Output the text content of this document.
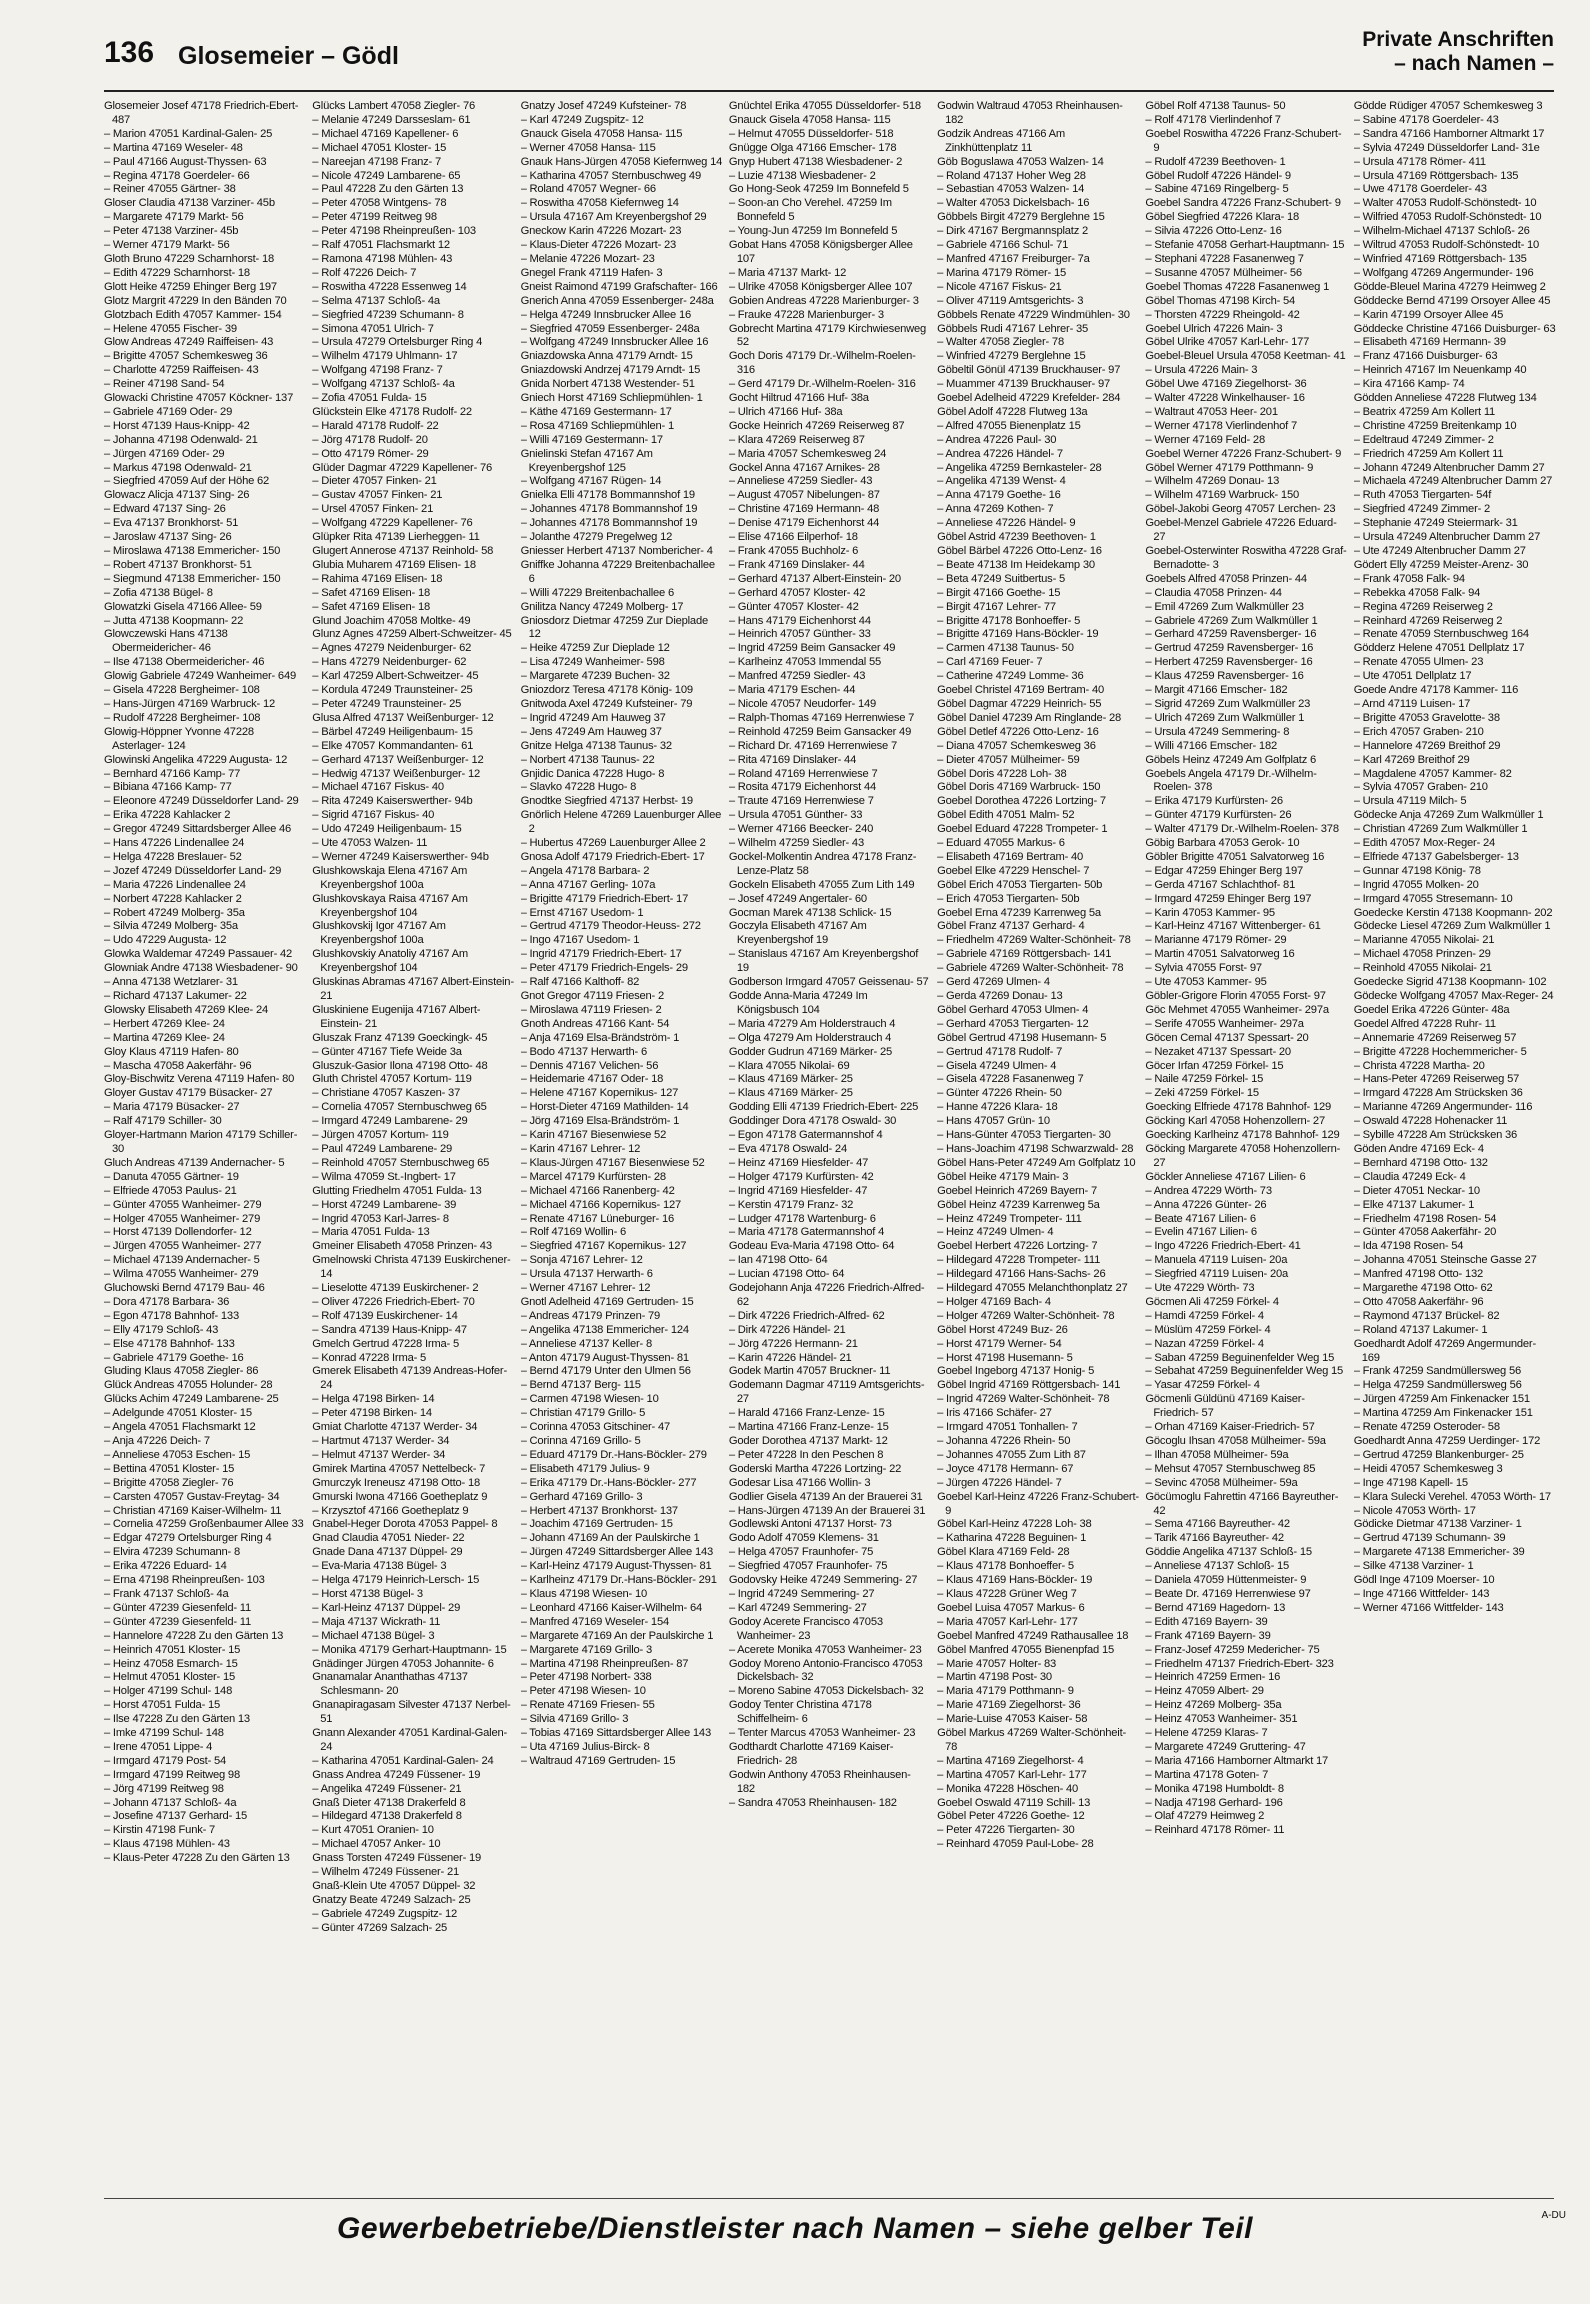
136 Glosemeier – Gödl
Private Anschriften
– nach Namen –

Glosemeier Josef 47178 Friedrich-Ebert- 487

– Marion 47051 Kardinal-Galen- 25

– Martina 47169 Weseler- 48

– Paul 47166 August-Thyssen- 63

– Regina 47178 Goerdeler- 66

– Reiner 47055 Gärtner- 38

Gloser Claudia 47138 Varziner- 45b

– Margarete 47179 Markt- 56

– Peter 47138 Varziner- 45b

– Werner 47179 Markt- 56

Gloth Bruno 47229 Scharnhorst- 18

– Edith 47229 Scharnhorst- 18

Glott Heike 47259 Ehinger Berg 197

Glotz Margrit 47229 In den Bänden 70

Glotzbach Edith 47057 Kammer- 154

– Helene 47055 Fischer- 39

Glow Andreas 47249 Raiffeisen- 43

– Brigitte 47057 Schemkesweg 36

– Charlotte 47259 Raiffeisen- 43

– Reiner 47198 Sand- 54

Glowacki Christine 47057 Köckner- 137

– Gabriele 47169 Oder- 29

– Horst 47139 Haus-Knipp- 42

– Johanna 47198 Odenwald- 21

– Jürgen 47169 Oder- 29

– Markus 47198 Odenwald- 21

– Siegfried 47059 Auf der Höhe 62

Glowacz Alicja 47137 Sing- 26

– Edward 47137 Sing- 26

– Eva 47137 Bronkhorst- 51

– Jaroslaw 47137 Sing- 26

– Miroslawa 47138 Emmericher- 150

– Robert 47137 Bronkhorst- 51

– Siegmund 47138 Emmericher- 150

– Zofia 47138 Bügel- 8

Glowatzki Gisela 47166 Allee- 59

– Jutta 47138 Koopmann- 22

Glowczewski Hans 47138 Obermeidericher- 46

– Ilse 47138 Obermeidericher- 46

Glowig Gabriele 47249 Wanheimer- 649

– Gisela 47228 Bergheimer- 108

– Hans-Jürgen 47169 Warbruck- 12

– Rudolf 47228 Bergheimer- 108

Glowig-Höppner Yvonne 47228 Asterlager- 124

Glowinski Angelika 47229 Augusta- 12

– Bernhard 47166 Kamp- 77

– Bibiana 47166 Kamp- 77

– Eleonore 47249 Düsseldorfer Land- 29

– Erika 47228 Kahlacker 2

– Gregor 47249 Sittardsberger Allee 46

– Hans 47226 Lindenallee 24

– Helga 47228 Breslauer- 52

– Jozef 47249 Düsseldorfer Land- 29

– Maria 47226 Lindenallee 24

– Norbert 47228 Kahlacker 2

– Robert 47249 Molberg- 35a

– Silvia 47249 Molberg- 35a

– Udo 47229 Augusta- 12

Glowka Waldemar 47249 Passauer- 42

Glowniak Andre 47138 Wiesbadener- 90

– Anna 47138 Wetzlarer- 31

– Richard 47137 Lakumer- 22

Glowsky Elisabeth 47269 Klee- 24

– Herbert 47269 Klee- 24

– Martina 47269 Klee- 24

Gloy Klaus 47119 Hafen- 80

– Mascha 47058 Aakerfähr- 96

Gloy-Bischwitz Verena 47119 Hafen- 80

Gloyer Gustav 47179 Büsacker- 27

– Maria 47179 Büsacker- 27

– Ralf 47179 Schiller- 30

Gloyer-Hartmann Marion 47179 Schiller- 30

Gluch Andreas 47139 Andernacher- 5

– Danuta 47055 Gärtner- 19

– Elfriede 47053 Paulus- 21

– Günter 47055 Wanheimer- 279

– Holger 47055 Wanheimer- 279

– Horst 47139 Dollendorfer- 12

– Jürgen 47055 Wanheimer- 277

– Michael 47139 Andernacher- 5

– Wilma 47055 Wanheimer- 279

Gluchowski Bernd 47179 Bau- 46

– Dora 47178 Barbara- 36

– Egon 47178 Bahnhof- 133

– Elly 47179 Schloß- 43

– Else 47178 Bahnhof- 133

– Gabriele 47179 Goethe- 16

Gluding Klaus 47058 Ziegler- 86

Glück Andreas 47055 Holunder- 28

Glücks Achim 47249 Lambarene- 25

– Adelgunde 47051 Kloster- 15

– Angela 47051 Flachsmarkt 12

– Anja 47226 Deich- 7

– Anneliese 47053 Eschen- 15

– Bettina 47051 Kloster- 15

– Brigitte 47058 Ziegler- 76

– Carsten 47057 Gustav-Freytag- 34

– Christian 47169 Kaiser-Wilhelm- 11

– Cornelia 47259 Großenbaumer Allee 33

– Edgar 47279 Ortelsburger Ring 4

– Elvira 47239 Schumann- 8

– Erika 47226 Eduard- 14

– Erna 47198 Rheinpreußen- 103

– Frank 47137 Schloß- 4a

– Günter 47239 Giesenfeld- 11

– Günter 47239 Giesenfeld- 11

– Hannelore 47228 Zu den Gärten 13

– Heinrich 47051 Kloster- 15

– Heinz 47058 Esmarch- 15

– Helmut 47051 Kloster- 15

– Holger 47199 Schul- 148

– Horst 47051 Fulda- 15

– Ilse 47228 Zu den Gärten 13

– Imke 47199 Schul- 148

– Irene 47051 Lippe- 4

– Irmgard 47179 Post- 54

– Irmgard 47199 Reitweg 98

– Jörg 47199 Reitweg 98

– Johann 47137 Schloß- 4a

– Josefine 47137 Gerhard- 15

– Kirstin 47198 Funk- 7

– Klaus 47198 Mühlen- 43

– Klaus-Peter 47228 Zu den Gärten 13

Glücks Lambert 47058 Ziegler- 76

– Melanie 47249 Darsseslam- 61

– Michael 47169 Kapellener- 6

– Michael 47051 Kloster- 15

– Nareejan 47198 Franz- 7

– Nicole 47249 Lambarene- 65

– Paul 47228 Zu den Gärten 13

– Peter 47058 Wintgens- 78

– Peter 47199 Reitweg 98

– Peter 47198 Rheinpreußen- 103

– Ralf 47051 Flachsmarkt 12

– Ramona 47198 Mühlen- 43

– Rolf 47226 Deich- 7

– Roswitha 47228 Essenweg 14

– Selma 47137 Schloß- 4a

– Siegfried 47239 Schumann- 8

– Simona 47051 Ulrich- 7

– Ursula 47279 Ortelsburger Ring 4

– Wilhelm 47179 Uhlmann- 17

– Wolfgang 47198 Franz- 7

– Wolfgang 47137 Schloß- 4a

– Zofia 47051 Fulda- 15

Glückstein Elke 47178 Rudolf- 22

– Harald 47178 Rudolf- 22

– Jörg 47178 Rudolf- 20

– Otto 47179 Römer- 29

Glüder Dagmar 47229 Kapellener- 76

– Dieter 47057 Finken- 21

– Gustav 47057 Finken- 21

– Ursel 47057 Finken- 21

– Wolfgang 47229 Kapellener- 76

Glüpker Rita 47139 Lierheggen- 11

Glugert Annerose 47137 Reinhold- 58

Glubia Muharem 47169 Elisen- 18

– Rahima 47169 Elisen- 18

– Safet 47169 Elisen- 18

– Safet 47169 Elisen- 18

Glund Joachim 47058 Moltke- 49

Glunz Agnes 47259 Albert-Schweitzer- 45

– Agnes 47279 Neidenburger- 62

– Hans 47279 Neidenburger- 62

– Karl 47259 Albert-Schweitzer- 45

– Kordula 47249 Traunsteiner- 25

– Peter 47249 Traunsteiner- 25

Glusa Alfred 47137 Weißenburger- 12

– Bärbel 47249 Heiligenbaum- 15

– Elke 47057 Kommandanten- 61

– Gerhard 47137 Weißenburger- 12

– Hedwig 47137 Weißenburger- 12

– Michael 47167 Fiskus- 40

– Rita 47249 Kaiserswerther- 94b

– Sigrid 47167 Fiskus- 40

– Udo 47249 Heiligenbaum- 15

– Ute 47053 Walzen- 11

– Werner 47249 Kaiserswerther- 94b

Glushkowskaja Elena 47167 Am Kreyenbergshof 100a

Glushkovskaya Raisa 47167 Am Kreyenbergshof 104

Glushkovskij Igor 47167 Am Kreyenbergshof 100a

Glushkovskiy Anatoliy 47167 Am Kreyenbergshof 104

Gluskinas Abramas 47167 Albert-Einstein- 21

Gluskiniene Eugenija 47167 Albert-Einstein- 21

Gluszak Franz 47139 Goeckingk- 45

– Günter 47167 Tiefe Weide 3a

Gluszuk-Gasior Ilona 47198 Otto- 48

Gluth Christel 47057 Kortum- 119

– Christiane 47057 Kaszen- 37

– Cornelia 47057 Sternbuschweg 65

– Irmgard 47249 Lambarene- 29

– Jürgen 47057 Kortum- 119

– Paul 47249 Lambarene- 29

– Reinhold 47057 Sternbuschweg 65

– Wilma 47059 St.-Ingbert- 17

Glutting Friedhelm 47051 Fulda- 13

– Horst 47249 Lambarene- 39

– Ingrid 47053 Karl-Jarres- 8

– Maria 47051 Fulda- 13

Gmeiner Elisabeth 47058 Prinzen- 43

Gmelnowski Christa 47139 Euskirchener- 14

– Lieselotte 47139 Euskirchener- 2

– Oliver 47226 Friedrich-Ebert- 70

– Rolf 47139 Euskirchener- 14

– Sandra 47139 Haus-Knipp- 47

Gmelch Gertrud 47228 Irma- 5

– Konrad 47228 Irma- 5

Gmerek Elisabeth 47139 Andreas-Hofer- 24

– Helga 47198 Birken- 14

– Peter 47198 Birken- 14

Gmiat Charlotte 47137 Werder- 34

– Hartmut 47137 Werder- 34

– Helmut 47137 Werder- 34

Gmirek Martina 47057 Nettelbeck- 7

Gmurczyk Ireneusz 47198 Otto- 18

Gmurski Iwona 47166 Goetheplatz 9

– Krzysztof 47166 Goetheplatz 9

Gnabel-Heger Dorota 47053 Pappel- 8

Gnad Claudia 47051 Nieder- 22

Gnade Dana 47137 Düppel- 29

– Eva-Maria 47138 Bügel- 3

– Helga 47179 Heinrich-Lersch- 15

– Horst 47138 Bügel- 3

– Karl-Heinz 47137 Düppel- 29

– Maja 47137 Wickrath- 11

– Michael 47138 Bügel- 3

– Monika 47179 Gerhart-Hauptmann- 15

Gnädinger Jürgen 47053 Johannite- 6

Gnanamalar Ananthathas 47137 Schlesmann- 20

Gnanapiragasam Silvester 47137 Nerbel- 51

Gnann Alexander 47051 Kardinal-Galen- 24

– Katharina 47051 Kardinal-Galen- 24

Gnass Andrea 47249 Füssener- 19

– Angelika 47249 Füssener- 21

Gnaß Dieter 47138 Drakerfeld 8

– Hildegard 47138 Drakerfeld 8

– Kurt 47051 Oranien- 10

– Michael 47057 Anker- 10

Gnass Torsten 47249 Füssener- 19

– Wilhelm 47249 Füssener- 21

Gnaß-Klein Ute 47057 Düppel- 32

Gnatzy Beate 47249 Salzach- 25

– Gabriele 47249 Zugspitz- 12

– Günter 47269 Salzach- 25

Gnatzy Josef 47249 Kufsteiner- 78

– Karl 47249 Zugspitz- 12

Gnauck Gisela 47058 Hansa- 115

– Werner 47058 Hansa- 115

Gnauk Hans-Jürgen 47058 Kiefernweg 14

– Katharina 47057 Sternbuschweg 49

– Roland 47057 Wegner- 66

– Roswitha 47058 Kiefernweg 14

– Ursula 47167 Am Kreyenbergshof 29

Gneckow Karin 47226 Mozart- 23

– Klaus-Dieter 47226 Mozart- 23

– Melanie 47226 Mozart- 23

Gnegel Frank 47119 Hafen- 3

Gneist Raimond 47199 Grafschafter- 166

Gnerich Anna 47059 Essenberger- 248a

– Helga 47249 Innsbrucker Allee 16

– Siegfried 47059 Essenberger- 248a

– Wolfgang 47249 Innsbrucker Allee 16

Gniazdowska Anna 47179 Arndt- 15

Gniazdowski Andrzej 47179 Arndt- 15

Gnida Norbert 47138 Westender- 51

Gniech Horst 47169 Schliepmühlen- 1

– Käthe 47169 Gestermann- 17

– Rosa 47169 Schliepmühlen- 1

– Willi 47169 Gestermann- 17

Gnielinski Stefan 47167 Am Kreyenbergshof 125

– Wolfgang 47167 Rügen- 14

Gnielka Elli 47178 Bommannshof 19

– Johannes 47178 Bommannshof 19

– Johannes 47178 Bommannshof 19

– Jolanthe 47279 Pregelweg 12

Gniesser Herbert 47137 Nombericher- 4

Gniffke Johanna 47229 Breitenbachallee 6

– Willi 47229 Breitenbachallee 6

Gnilitza Nancy 47249 Molberg- 17

Gniosdorz Dietmar 47259 Zur Dieplade 12

– Heike 47259 Zur Dieplade 12

– Lisa 47249 Wanheimer- 598

– Margarete 47239 Buchen- 32

Gniozdorz Teresa 47178 König- 109

Gnitwoda Axel 47249 Kufsteiner- 79

– Ingrid 47249 Am Hauweg 37

– Jens 47249 Am Hauweg 37

Gnitze Helga 47138 Taunus- 32

– Norbert 47138 Taunus- 22

Gnjidic Danica 47228 Hugo- 8

– Slavko 47228 Hugo- 8

Gnodtke Siegfried 47137 Herbst- 19

Gnörlich Helene 47269 Lauenburger Allee 2

– Hubertus 47269 Lauenburger Allee 2

Gnosa Adolf 47179 Friedrich-Ebert- 17

– Angela 47178 Barbara- 2

– Anna 47167 Gerling- 107a

– Brigitte 47179 Friedrich-Ebert- 17

– Ernst 47167 Usedom- 1

– Gertrud 47179 Theodor-Heuss- 272

– Ingo 47167 Usedom- 1

– Ingrid 47179 Friedrich-Ebert- 17

– Peter 47179 Friedrich-Engels- 29

– Ralf 47166 Kalthoff- 82

Gnot Gregor 47119 Friesen- 2

– Miroslawa 47119 Friesen- 2

Gnoth Andreas 47166 Kant- 54

– Anja 47169 Elsa-Brändström- 1

– Bodo 47137 Herwarth- 6

– Dennis 47167 Velichen- 56

– Heidemarie 47167 Oder- 18

– Helene 47167 Kopernikus- 127

– Horst-Dieter 47169 Mathilden- 14

– Jörg 47169 Elsa-Brändström- 1

– Karin 47167 Biesenwiese 52

– Karin 47167 Lehrer- 12

– Klaus-Jürgen 47167 Biesenwiese 52

– Marcel 47179 Kurfürsten- 28

– Michael 47166 Ranenberg- 42

– Michael 47166 Kopernikus- 127

– Renate 47167 Lüneburger- 16

– Rolf 47169 Wollin- 6

– Siegfried 47167 Kopernikus- 127

– Sonja 47167 Lehrer- 12

– Ursula 47137 Herwarth- 6

– Werner 47167 Lehrer- 12

Gnotl Adelheid 47169 Gertruden- 15

– Andreas 47179 Prinzen- 79

– Angelika 47138 Emmericher- 124

– Anneliese 47137 Keller- 8

– Anton 47179 August-Thyssen- 81

– Bernd 47179 Unter den Ulmen 56

– Bernd 47137 Berg- 115

– Carmen 47198 Wiesen- 10

– Christian 47179 Grillo- 5

– Corinna 47053 Gitschiner- 47

– Corinna 47169 Grillo- 5

– Eduard 47179 Dr.-Hans-Böckler- 279

– Elisabeth 47179 Julius- 9

– Erika 47179 Dr.-Hans-Böckler- 277

– Gerhard 47169 Grillo- 3

– Herbert 47137 Bronkhorst- 137

– Joachim 47169 Gertruden- 15

– Johann 47169 An der Paulskirche 1

– Jürgen 47249 Sittardsberger Allee 143

– Karl-Heinz 47179 August-Thyssen- 81

– Karlheinz 47179 Dr.-Hans-Böckler- 291

– Klaus 47198 Wiesen- 10

– Leonhard 47166 Kaiser-Wilhelm- 64

– Manfred 47169 Weseler- 154

– Margarete 47169 An der Paulskirche 1

– Margarete 47169 Grillo- 3

– Martina 47198 Rheinpreußen- 87

– Peter 47198 Norbert- 338

– Peter 47198 Wiesen- 10

– Renate 47169 Friesen- 55

– Silvia 47169 Grillo- 3

– Tobias 47169 Sittardsberger Allee 143

– Uta 47169 Julius-Birck- 8

– Waltraud 47169 Gertruden- 15

Gnüchtel Erika 47055 Düsseldorfer- 518

Gnauck Gisela 47058 Hansa- 115

– Helmut 47055 Düsseldorfer- 518

Gnügge Olga 47166 Emscher- 178

Gnyp Hubert 47138 Wiesbadener- 2

– Luzie 47138 Wiesbadener- 2

Go Hong-Seok 47259 Im Bonnefeld 5

– Soon-an Cho Verehel. 47259 Im Bonnefeld 5

– Young-Jun 47259 Im Bonnefeld 5

Gobat Hans 47058 Königsberger Allee 107

– Maria 47137 Markt- 12

– Ulrike 47058 Königsberger Allee 107

Gobien Andreas 47228 Marienburger- 3

– Frauke 47228 Marienburger- 3

Gobrecht Martina 47179 Kirchwiesenweg 52

Goch Doris 47179 Dr.-Wilhelm-Roelen- 316

– Gerd 47179 Dr.-Wilhelm-Roelen- 316

Gocht Hiltrud 47166 Huf- 38a

– Ulrich 47166 Huf- 38a

Gocke Heinrich 47269 Reiserweg 87

– Klara 47269 Reiserweg 87

– Maria 47057 Schemkesweg 24

Gockel Anna 47167 Arnikes- 28

– Anneliese 47259 Siedler- 43

– August 47057 Nibelungen- 87

– Christine 47169 Hermann- 48

– Denise 47179 Eichenhorst 44

– Elise 47166 Eilperhof- 18

– Frank 47055 Buchholz- 6

– Frank 47169 Dinslaker- 44

– Gerhard 47137 Albert-Einstein- 20

– Gerhard 47057 Kloster- 42

– Günter 47057 Kloster- 42

– Hans 47179 Eichenhorst 44

– Heinrich 47057 Günther- 33

– Ingrid 47259 Beim Gansacker 49

– Karlheinz 47053 Immendal 55

– Manfred 47259 Siedler- 43

– Maria 47179 Eschen- 44

– Nicole 47057 Neudorfer- 149

– Ralph-Thomas 47169 Herrenwiese 7

– Reinhold 47259 Beim Gansacker 49

– Richard Dr. 47169 Herrenwiese 7

– Rita 47169 Dinslaker- 44

– Roland 47169 Herrenwiese 7

– Rosita 47179 Eichenhorst 44

– Traute 47169 Herrenwiese 7

– Ursula 47051 Günther- 33

– Werner 47166 Beecker- 240

– Wilhelm 47259 Siedler- 43

Gockel-Molkentin Andrea 47178 Franz-Lenze-Platz 58

Gockeln Elisabeth 47055 Zum Lith 149

– Josef 47249 Angertaler- 60

Gocman Marek 47138 Schlick- 15

Goczyla Elisabeth 47167 Am Kreyenbergshof 19

– Stanislaus 47167 Am Kreyenbergshof 19

Godberson Irmgard 47057 Geissenau- 57

Godde Anna-Maria 47249 Im Königsbusch 104

– Maria 47279 Am Holderstrauch 4

– Olga 47279 Am Holderstrauch 4

Godder Gudrun 47169 Märker- 25

– Klara 47055 Nikolai- 69

– Klaus 47169 Märker- 25

– Klaus 47169 Märker- 25

Godding Elli 47139 Friedrich-Ebert- 225

Goddinger Dora 47178 Oswald- 30

– Egon 47178 Gatermannshof 4

– Eva 47178 Oswald- 24

– Heinz 47169 Hiesfelder- 47

– Holger 47179 Kurfürsten- 42

– Ingrid 47169 Hiesfelder- 47

– Kerstin 47179 Franz- 32

– Ludger 47178 Wartenburg- 6

– Maria 47178 Gatermannshof 4

Godeau Eva-Maria 47198 Otto- 64

– Ian 47198 Otto- 64

– Lucian 47198 Otto- 64

Godejohann Anja 47226 Friedrich-Alfred- 62

– Dirk 47226 Friedrich-Alfred- 62

– Dirk 47226 Händel- 21

– Jörg 47226 Hermann- 21

– Karin 47226 Händel- 21

Godek Martin 47057 Bruckner- 11

Godemann Dagmar 47119 Amtsgerichts- 27

– Harald 47166 Franz-Lenze- 15

– Martina 47166 Franz-Lenze- 15

Goder Dorothea 47137 Markt- 12

– Peter 47228 In den Peschen 8

Goderski Martha 47226 Lortzing- 22

Godesar Lisa 47166 Wollin- 3

Godlier Gisela 47139 An der Brauerei 31

– Hans-Jürgen 47139 An der Brauerei 31

Godlewski Antoni 47137 Horst- 73

Godo Adolf 47059 Klemens- 31

– Helga 47057 Fraunhofer- 75

– Siegfried 47057 Fraunhofer- 75

Godovsky Heike 47249 Semmering- 27

– Ingrid 47249 Semmering- 27

– Karl 47249 Semmering- 27

Godoy Acerete Francisco 47053 Wanheimer- 23

– Acerete Monika 47053 Wanheimer- 23

Godoy Moreno Antonio-Francisco 47053 Dickelsbach- 32

– Moreno Sabine 47053 Dickelsbach- 32

Godoy Tenter Christina 47178 Schiffelheim- 6

– Tenter Marcus 47053 Wanheimer- 23

Godthardt Charlotte 47169 Kaiser-Friedrich- 28

Godwin Anthony 47053 Rheinhausen- 182

– Sandra 47053 Rheinhausen- 182

Godwin Waltraud 47053 Rheinhausen- 182

Godzik Andreas 47166 Am Zinkhüttenplatz 11

Göb Boguslawa 47053 Walzen- 14

– Roland 47137 Hoher Weg 28

– Sebastian 47053 Walzen- 14

– Walter 47053 Dickelsbach- 16

Göbbels Birgit 47279 Berglehne 15

– Dirk 47167 Bergmannsplatz 2

– Gabriele 47166 Schul- 71

– Manfred 47167 Freiburger- 7a

– Marina 47179 Römer- 15

– Nicole 47167 Fiskus- 21

– Oliver 47119 Amtsgerichts- 3

Göbbels Renate 47229 Windmühlen- 30

Göbbels Rudi 47167 Lehrer- 35

– Walter 47058 Ziegler- 78

– Winfried 47279 Berglehne 15

Göbeltil Gönül 47139 Bruckhauser- 97

– Muammer 47139 Bruckhauser- 97

Goebel Adelheid 47229 Krefelder- 284

Göbel Adolf 47228 Flutweg 13a

– Alfred 47055 Bienenplatz 15

– Andrea 47226 Paul- 30

– Andrea 47226 Händel- 7

– Angelika 47259 Bernkasteler- 28

– Angelika 47139 Wenst- 4

– Anna 47179 Goethe- 16

– Anna 47269 Kothen- 7

– Anneliese 47226 Händel- 9

Göbel Astrid 47239 Beethoven- 1

Göbel Bärbel 47226 Otto-Lenz- 16

– Beate 47138 Im Heidekamp 30

– Beta 47249 Suitbertus- 5

– Birgit 47166 Goethe- 15

– Birgit 47167 Lehrer- 77

– Brigitte 47178 Bonhoeffer- 5

– Brigitte 47169 Hans-Böckler- 19

– Carmen 47138 Taunus- 50

– Carl 47169 Feuer- 7

– Catherine 47249 Lomme- 36

Goebel Christel 47169 Bertram- 40

Göbel Dagmar 47229 Heinrich- 55

Göbel Daniel 47239 Am Ringlande- 28

Göbel Detlef 47226 Otto-Lenz- 16

– Diana 47057 Schemkesweg 36

– Dieter 47057 Mülheimer- 59

Göbel Doris 47228 Loh- 38

Göbel Doris 47169 Warbruck- 150

Goebel Dorothea 47226 Lortzing- 7

Göbel Edith 47051 Malm- 52

Goebel Eduard 47228 Trompeter- 1

– Eduard 47055 Markus- 6

– Elisabeth 47169 Bertram- 40

Goebel Elke 47229 Henschel- 7

Göbel Erich 47053 Tiergarten- 50b

– Erich 47053 Tiergarten- 50b

Goebel Erna 47239 Karrenweg 5a

Göbel Franz 47137 Gerhard- 4

– Friedhelm 47269 Walter-Schönheit- 78

– Gabriele 47169 Röttgersbach- 141

– Gabriele 47269 Walter-Schönheit- 78

– Gerd 47269 Ulmen- 4

– Gerda 47269 Donau- 13

Göbel Gerhard 47053 Ulmen- 4

– Gerhard 47053 Tiergarten- 12

Göbel Gertrud 47198 Husemann- 5

– Gertrud 47178 Rudolf- 7

– Gisela 47249 Ulmen- 4

– Gisela 47228 Fasanenweg 7

– Günter 47226 Rhein- 50

– Hanne 47226 Klara- 18

– Hans 47057 Grün- 10

– Hans-Günter 47053 Tiergarten- 30

– Hans-Joachim 47198 Schwarzwald- 28

Göbel Hans-Peter 47249 Am Golfplatz 10

Göbel Heike 47179 Main- 3

Goebel Heinrich 47269 Bayern- 7

Göbel Heinz 47239 Karrenweg 5a

– Heinz 47249 Trompeter- 111

– Heinz 47249 Ulmen- 4

Goebel Herbert 47226 Lortzing- 7

– Hildegard 47228 Trompeter- 111

– Hildegard 47166 Hans-Sachs- 26

– Hildegard 47055 Melanchthonplatz 27

– Holger 47169 Bach- 4

– Holger 47269 Walter-Schönheit- 78

Göbel Horst 47249 Buz- 26

– Horst 47179 Werner- 54

– Horst 47198 Husemann- 5

Goebel Ingeborg 47137 Honig- 5

Göbel Ingrid 47169 Röttgersbach- 141

– Ingrid 47269 Walter-Schönheit- 78

– Iris 47166 Schäfer- 27

– Irmgard 47051 Tonhallen- 7

– Johanna 47226 Rhein- 50

– Johannes 47055 Zum Lith 87

– Joyce 47178 Hermann- 67

– Jürgen 47226 Händel- 7

Goebel Karl-Heinz 47226 Franz-Schubert- 9

Göbel Karl-Heinz 47228 Loh- 38

– Katharina 47228 Beguinen- 1

Göbel Klara 47169 Feld- 28

– Klaus 47178 Bonhoeffer- 5

– Klaus 47169 Hans-Böckler- 19

– Klaus 47228 Grüner Weg 7

Goebel Luisa 47057 Markus- 6

– Maria 47057 Karl-Lehr- 177

Goebel Manfred 47249 Rathausallee 18

Göbel Manfred 47055 Bienenpfad 15

– Marie 47057 Holter- 83

– Martin 47198 Post- 30

– Maria 47179 Potthmann- 9

– Marie 47169 Ziegelhorst- 36

– Marie-Luise 47053 Kaiser- 58

Göbel Markus 47269 Walter-Schönheit- 78

– Martina 47169 Ziegelhorst- 4

– Martina 47057 Karl-Lehr- 177

– Monika 47228 Höschen- 40

Goebel Oswald 47119 Schill- 13

Göbel Peter 47226 Goethe- 12

– Peter 47226 Tiergarten- 30

– Reinhard 47059 Paul-Lobe- 28

Göbel Rolf 47138 Taunus- 50

– Rolf 47178 Vierlindenhof 7

Goebel Roswitha 47226 Franz-Schubert- 9

– Rudolf 47239 Beethoven- 1

Göbel Rudolf 47226 Händel- 9

– Sabine 47169 Ringelberg- 5

Goebel Sandra 47226 Franz-Schubert- 9

Göbel Siegfried 47226 Klara- 18

– Silvia 47226 Otto-Lenz- 16

– Stefanie 47058 Gerhart-Hauptmann- 15

– Stephani 47228 Fasanenweg 7

– Susanne 47057 Mülheimer- 56

Goebel Thomas 47228 Fasanenweg 1

Göbel Thomas 47198 Kirch- 54

– Thorsten 47229 Rheingold- 42

Goebel Ulrich 47226 Main- 3

Göbel Ulrike 47057 Karl-Lehr- 177

Goebel-Bleuel Ursula 47058 Keetman- 41

– Ursula 47226 Main- 3

Göbel Uwe 47169 Ziegelhorst- 36

– Walter 47228 Winkelhauser- 16

– Waltraut 47053 Heer- 201

– Werner 47178 Vierlindenhof 7

– Werner 47169 Feld- 28

Goebel Werner 47226 Franz-Schubert- 9

Göbel Werner 47179 Potthmann- 9

– Wilhelm 47269 Donau- 13

– Wilhelm 47169 Warbruck- 150

Göbel-Jakobi Georg 47057 Lerchen- 23

Goebel-Menzel Gabriele 47226 Eduard- 27

Goebel-Osterwinter Roswitha 47228 Graf-Bernadotte- 3

Goebels Alfred 47058 Prinzen- 44

– Claudia 47058 Prinzen- 44

– Emil 47269 Zum Walkmüller 23

– Gabriele 47269 Zum Walkmüller 1

– Gerhard 47259 Ravensberger- 16

– Gertrud 47259 Ravensberger- 16

– Herbert 47259 Ravensberger- 16

– Klaus 47259 Ravensberger- 16

– Margit 47166 Emscher- 182

– Sigrid 47269 Zum Walkmüller 23

– Ulrich 47269 Zum Walkmüller 1

– Ursula 47249 Semmering- 8

– Willi 47166 Emscher- 182

Göbels Heinz 47249 Am Golfplatz 6

Goebels Angela 47179 Dr.-Wilhelm-Roelen- 378

– Erika 47179 Kurfürsten- 26

– Günter 47179 Kurfürsten- 26

– Walter 47179 Dr.-Wilhelm-Roelen- 378

Göbig Barbara 47053 Gerok- 10

Göbler Brigitte 47051 Salvatorweg 16

– Edgar 47259 Ehinger Berg 197

– Gerda 47167 Schlachthof- 81

– Irmgard 47259 Ehinger Berg 197

– Karin 47053 Kammer- 95

– Karl-Heinz 47167 Wittenberger- 61

– Marianne 47179 Römer- 29

– Martin 47051 Salvatorweg 16

– Sylvia 47055 Forst- 97

– Ute 47053 Kammer- 95

Göbler-Grigore Florin 47055 Forst- 97

Göc Mehmet 47055 Wanheimer- 297a

– Serife 47055 Wanheimer- 297a

Göcen Cemal 47137 Spessart- 20

– Nezaket 47137 Spessart- 20

Göcer Irfan 47259 Förkel- 15

– Naile 47259 Förkel- 15

– Zeki 47259 Förkel- 15

Goecking Elfriede 47178 Bahnhof- 129

Göcking Karl 47058 Hohenzollern- 27

Goecking Karlheinz 47178 Bahnhof- 129

Göcking Margarete 47058 Hohenzollern- 27

Göckler Anneliese 47167 Lilien- 6

– Andrea 47229 Wörth- 73

– Anna 47226 Günter- 26

– Beate 47167 Lilien- 6

– Evelin 47167 Lilien- 6

– Ingo 47226 Friedrich-Ebert- 41

– Manuela 47119 Luisen- 20a

– Siegfried 47119 Luisen- 20a

– Ute 47229 Wörth- 73

Göcmen Ali 47259 Förkel- 4

– Hamdi 47259 Förkel- 4

– Müslüm 47259 Förkel- 4

– Nazan 47259 Förkel- 4

– Saban 47259 Beguinenfelder Weg 15

– Sebahat 47259 Beguinenfelder Weg 15

– Yasar 47259 Förkel- 4

Göcmenli Güldünü 47169 Kaiser-Friedrich- 57

– Orhan 47169 Kaiser-Friedrich- 57

Göcoglu Ihsan 47058 Mülheimer- 59a

– Ilhan 47058 Mülheimer- 59a

– Mehsut 47057 Sternbuschweg 85

– Sevinc 47058 Mülheimer- 59a

Göcümoglu Fahrettin 47166 Bayreuther- 42

– Sema 47166 Bayreuther- 42

– Tarik 47166 Bayreuther- 42

Göddie Angelika 47137 Schloß- 15

– Anneliese 47137 Schloß- 15

– Daniela 47059 Hüttenmeister- 9

– Beate Dr. 47169 Herrenwiese 97

– Bernd 47169 Hagedorn- 13

– Edith 47169 Bayern- 39

– Frank 47169 Bayern- 39

– Franz-Josef 47259 Medericher- 75

– Friedhelm 47137 Friedrich-Ebert- 323

– Heinrich 47259 Ermen- 16

– Heinz 47059 Albert- 29

– Heinz 47269 Molberg- 35a

– Heinz 47053 Wanheimer- 351

– Helene 47259 Klaras- 7

– Margarete 47249 Gruttering- 47

– Maria 47166 Hamborner Altmarkt 17

– Martina 47178 Goten- 7

– Monika 47198 Humboldt- 8

– Nadja 47198 Gerhard- 196

– Olaf 47279 Heimweg 2

– Reinhard 47178 Römer- 11

Gödde Rüdiger 47057 Schemkesweg 3

– Sabine 47178 Goerdeler- 43

– Sandra 47166 Hamborner Altmarkt 17

– Sylvia 47249 Düsseldorfer Land- 31e

– Ursula 47178 Römer- 411

– Ursula 47169 Röttgersbach- 135

– Uwe 47178 Goerdeler- 43

– Walter 47053 Rudolf-Schönstedt- 10

– Wilfried 47053 Rudolf-Schönstedt- 10

– Wilhelm-Michael 47137 Schloß- 26

– Wiltrud 47053 Rudolf-Schönstedt- 10

– Winfried 47169 Röttgersbach- 135

– Wolfgang 47269 Angermunder- 196

Gödde-Bleuel Marina 47279 Heimweg 2

Göddecke Bernd 47199 Orsoyer Allee 45

– Karin 47199 Orsoyer Allee 45

Göddecke Christine 47166 Duisburger- 63

– Elisabeth 47169 Hermann- 39

– Franz 47166 Duisburger- 63

– Heinrich 47167 Im Neuenkamp 40

– Kira 47166 Kamp- 74

Gödden Anneliese 47228 Flutweg 134

– Beatrix 47259 Am Kollert 11

– Christine 47259 Breitenkamp 10

– Edeltraud 47249 Zimmer- 2

– Friedrich 47259 Am Kollert 11

– Johann 47249 Altenbrucher Damm 27

– Michaela 47249 Altenbrucher Damm 27

– Ruth 47053 Tiergarten- 54f

– Siegfried 47249 Zimmer- 2

– Stephanie 47249 Steiermark- 31

– Ursula 47249 Altenbrucher Damm 27

– Ute 47249 Altenbrucher Damm 27

Gödert Elly 47259 Meister-Arenz- 30

– Frank 47058 Falk- 94

– Rebekka 47058 Falk- 94

– Regina 47269 Reiserweg 2

– Reinhard 47269 Reiserweg 2

– Renate 47059 Sternbuschweg 164

Gödderz Helene 47051 Dellplatz 17

– Renate 47055 Ulmen- 23

– Ute 47051 Dellplatz 17

Goede Andre 47178 Kammer- 116

– Arnd 47119 Luisen- 17

– Brigitte 47053 Gravelotte- 38

– Erich 47057 Graben- 210

– Hannelore 47269 Breithof 29

– Karl 47269 Breithof 29

– Magdalene 47057 Kammer- 82

– Sylvia 47057 Graben- 210

– Ursula 47119 Milch- 5

Gödecke Anja 47269 Zum Walkmüller 1

– Christian 47269 Zum Walkmüller 1

– Edith 47057 Mox-Reger- 24

– Elfriede 47137 Gabelsberger- 13

– Gunnar 47198 König- 78

– Ingrid 47055 Molken- 20

– Irmgard 47055 Stresemann- 10

Goedecke Kerstin 47138 Koopmann- 202

Gödecke Liesel 47269 Zum Walkmüller 1

– Marianne 47055 Nikolai- 21

– Michael 47058 Prinzen- 29

– Reinhold 47055 Nikolai- 21

Goedecke Sigrid 47138 Koopmann- 102

Gödecke Wolfgang 47057 Max-Reger- 24

Goedel Erika 47226 Günter- 48a

Goedel Alfred 47228 Ruhr- 11

– Annemarie 47269 Reiserweg 57

– Brigitte 47228 Hochemmericher- 5

– Christa 47228 Martha- 20

– Hans-Peter 47269 Reiserweg 57

– Irmgard 47228 Am Strücksken 36

– Marianne 47269 Angermunder- 116

– Oswald 47228 Hohenacker 11

– Sybille 47228 Am Strücksken 36

Göden Andre 47169 Eck- 4

– Bernhard 47198 Otto- 132

– Claudia 47249 Eck- 4

– Dieter 47051 Neckar- 10

– Elke 47137 Lakumer- 1

– Friedhelm 47198 Rosen- 54

– Günter 47058 Aakerfähr- 20

– Ida 47198 Rosen- 54

– Johanna 47051 Steinsche Gasse 27

– Manfred 47198 Otto- 132

– Margarethe 47198 Otto- 62

– Otto 47058 Aakerfähr- 96

– Raymond 47137 Brückel- 82

– Roland 47137 Lakumer- 1

Goedhardt Adolf 47269 Angermunder- 169

– Frank 47259 Sandmüllersweg 56

– Helga 47259 Sandmüllersweg 56

– Jürgen 47259 Am Finkenacker 151

– Martina 47259 Am Finkenacker 151

– Renate 47259 Osteroder- 58

Goedhardt Anna 47259 Uerdinger- 172

– Gertrud 47259 Blankenburger- 25

– Heidi 47057 Schemkesweg 3

– Inge 47198 Kapell- 15

– Klara Sulecki Verehel. 47053 Wörth- 17

– Nicole 47053 Wörth- 17

Gödicke Dietmar 47138 Varziner- 1

– Gertrud 47139 Schumann- 39

– Margarete 47138 Emmericher- 39

– Silke 47138 Varziner- 1

Gödl Inge 47109 Moerser- 10

– Inge 47166 Wittfelder- 143

– Werner 47166 Wittfelder- 143

Gewerbebetriebe/Dienstleister nach Namen – siehe gelber Teil	A-DU
